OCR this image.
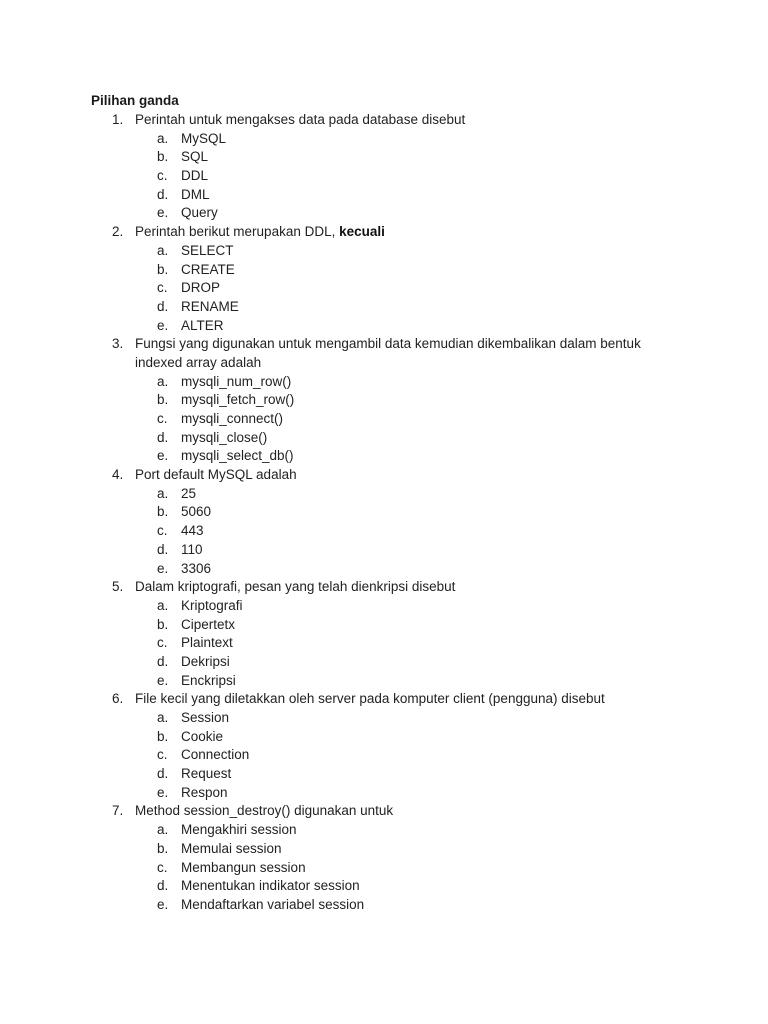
Pilihan ganda
1. Perintah untuk mengakses data pada database disebut
a. MySQL
b. SQL
c. DDL
d. DML
e. Query
2. Perintah berikut merupakan DDL, kecuali
a. SELECT
b. CREATE
c. DROP
d. RENAME
e. ALTER
3. Fungsi yang digunakan untuk mengambil data kemudian dikembalikan dalam bentuk
indexed array adalah
a. mysqli_num_row()
b. mysqli_fetch_row()
c. mysqli_connect()
d. mysqli_close()
e. mysqli_select_db()
4. Port default MySQL adalah
a. 25
b. 5060
c. 443
d. 110
e. 3306
5. Dalam kriptografi, pesan yang telah dienkripsi disebut
a. Kriptografi
b. Cipertetx
c. Plaintext
d. Dekripsi
e. Enckripsi
6. File kecil yang diletakkan oleh server pada komputer client (pengguna) disebut
a. Session
b. Cookie
c. Connection
d. Request
e. Respon
7. Method session_destroy() digunakan untuk
a. Mengakhiri session
b. Memulai session
c. Membangun session
d. Menentukan indikator session
e. Mendaftarkan variabel session
